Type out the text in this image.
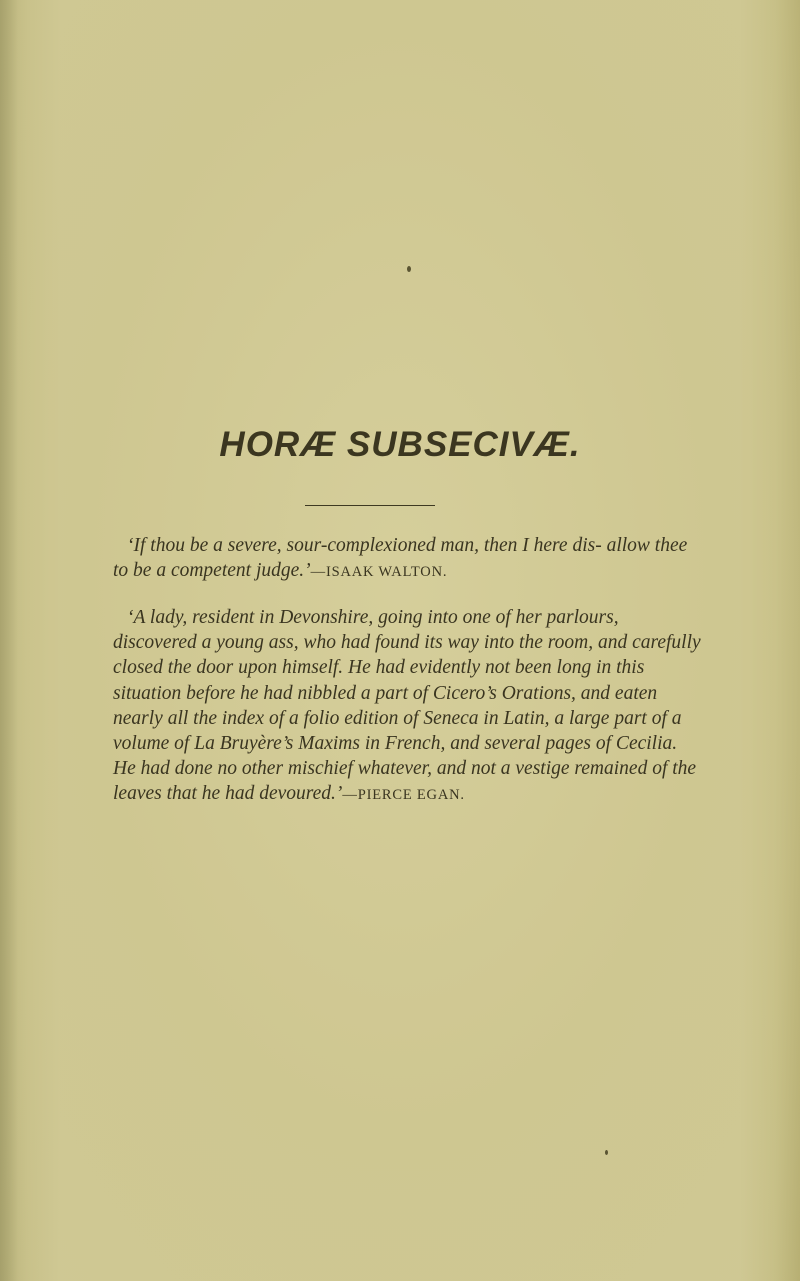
HORÆ SUBSECIVÆ.

‘If thou be a severe, sour-complexioned man, then I here dis- allow thee to be a competent judge.’—ISAAK WALTON.

‘A lady, resident in Devonshire, going into one of her parlours, discovered a young ass, who had found its way into the room, and carefully closed the door upon himself. He had evidently not been long in this situation before he had nibbled a part of Cicero’s Orations, and eaten nearly all the index of a folio edition of Seneca in Latin, a large part of a volume of La Bruyère’s Maxims in French, and several pages of Cecilia. He had done no other mischief whatever, and not a vestige remained of the leaves that he had devoured.’—PIERCE EGAN.
